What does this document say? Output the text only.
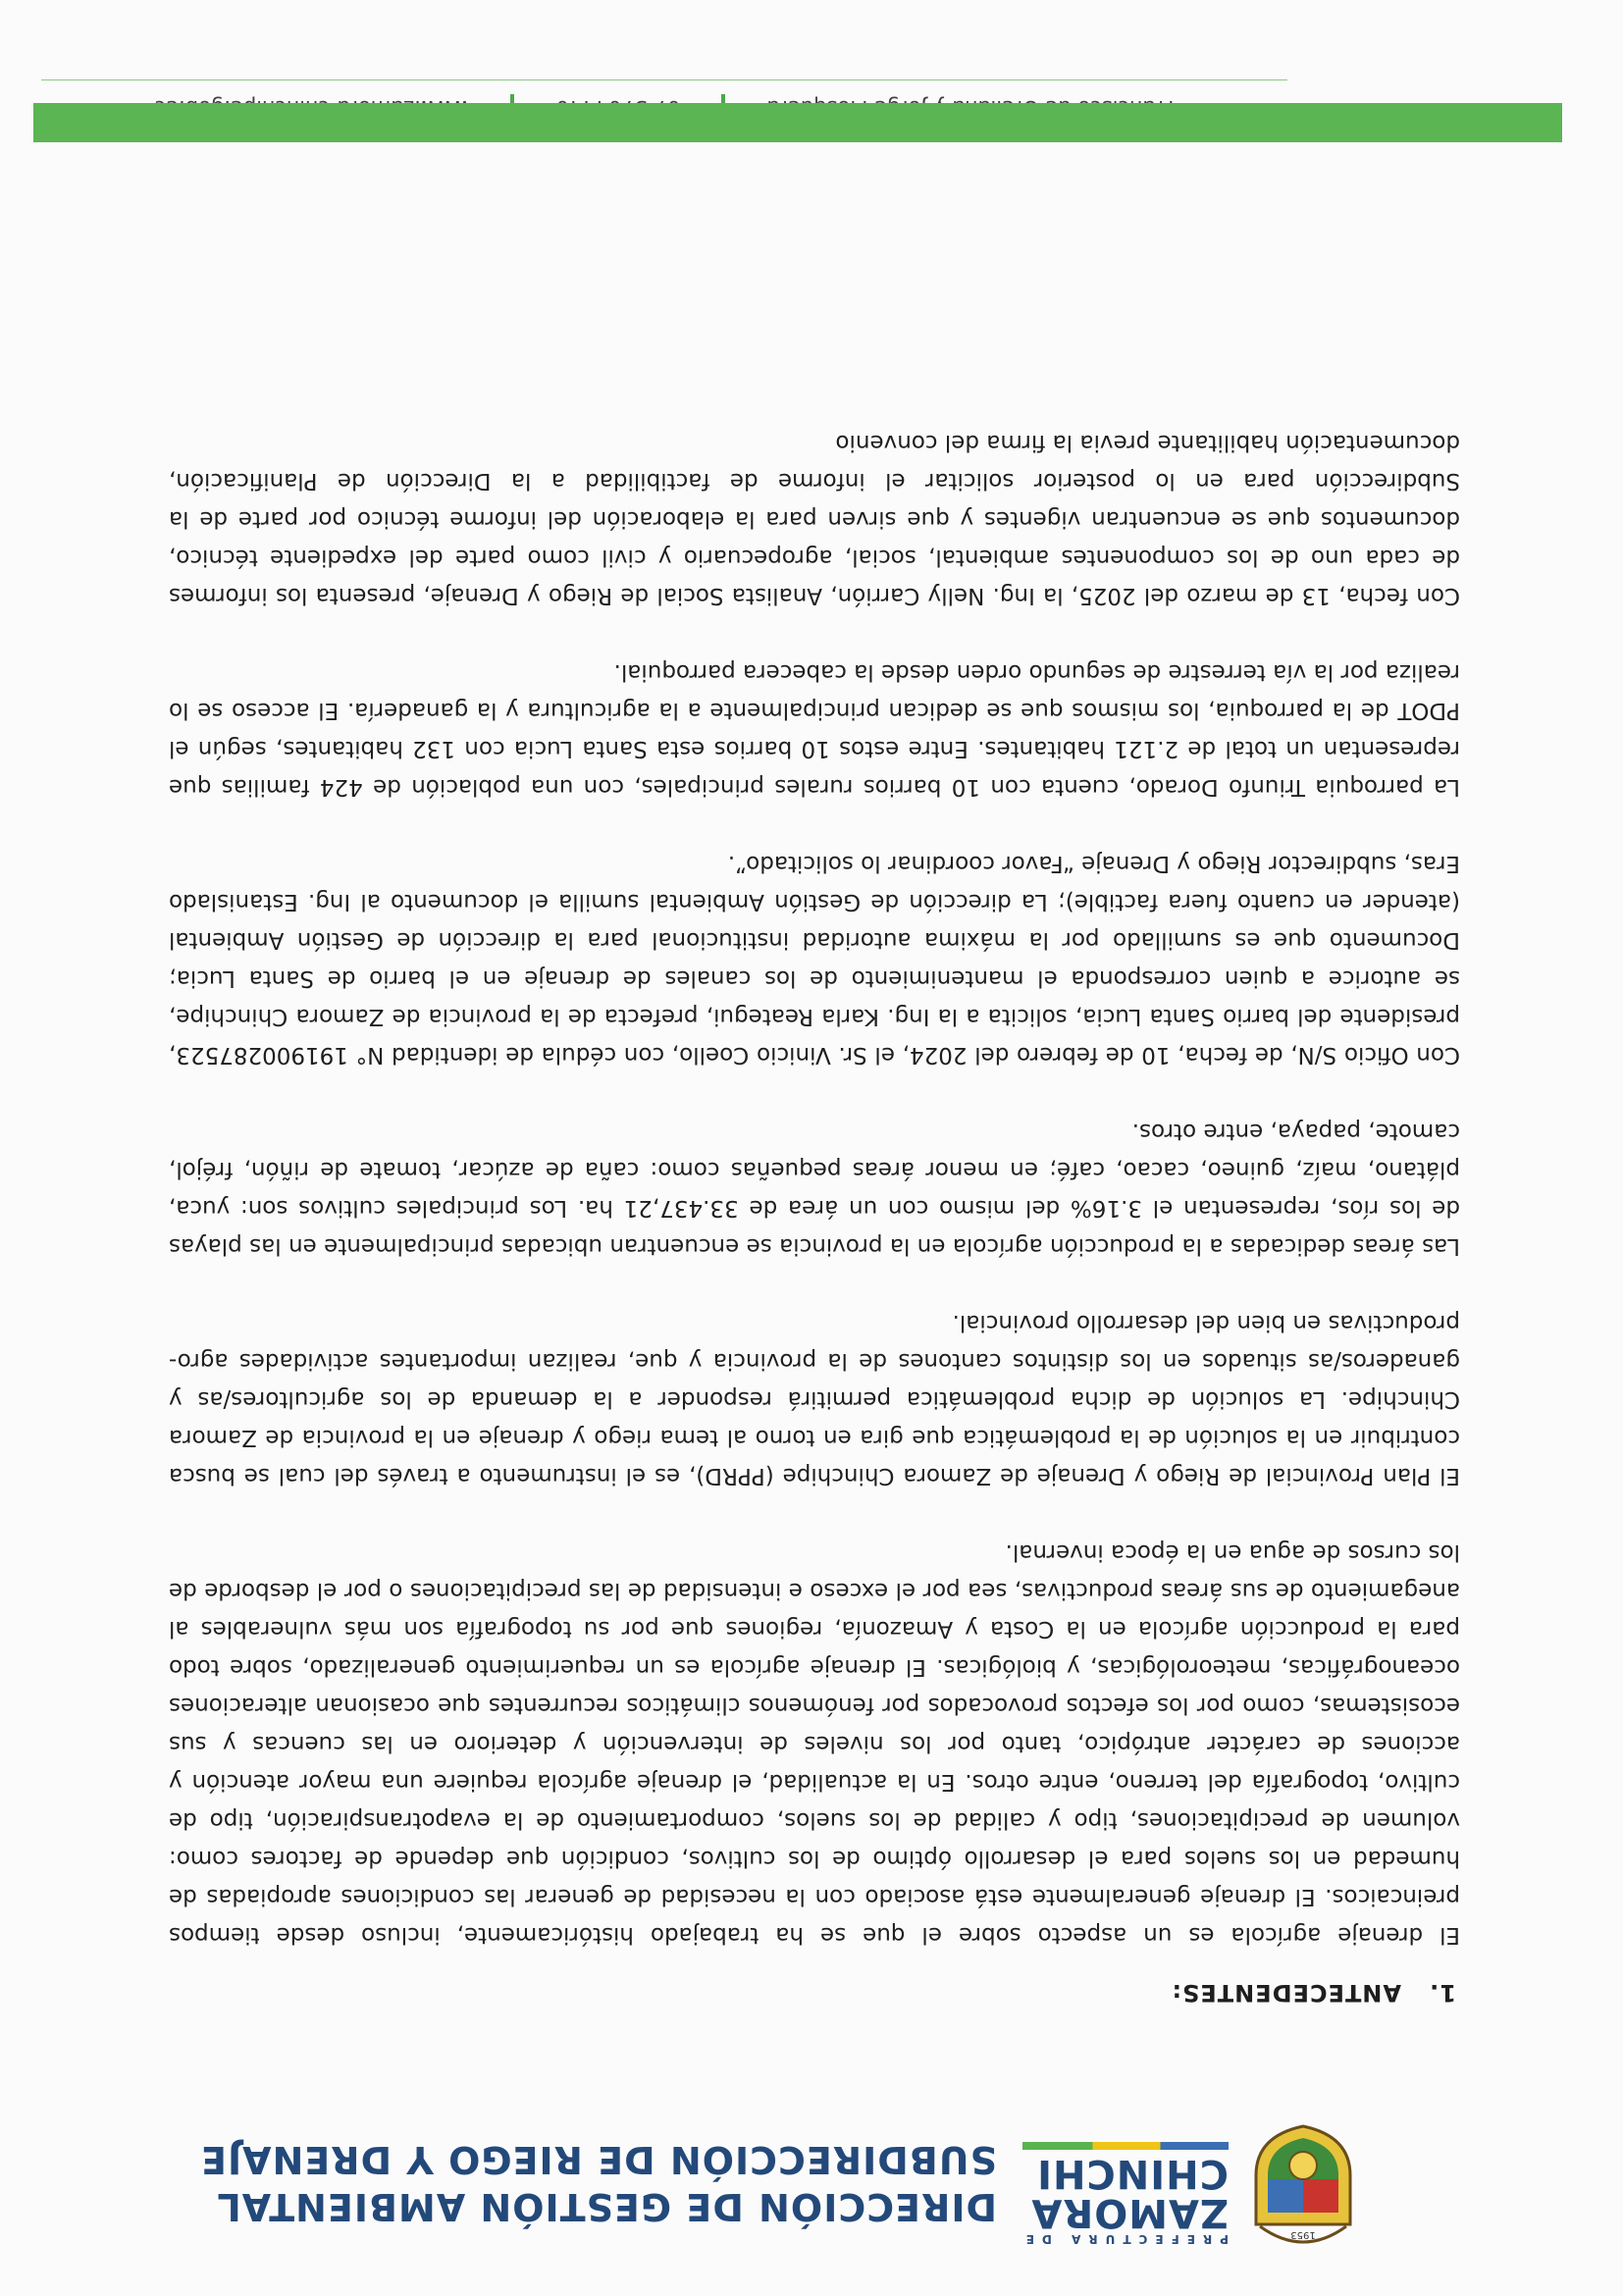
1953
PREFECTURA DE
ZAMORA
CHINCHI
DIRECCIÓN DE GESTIÓN AMBIENTAL
SUBDIRECCIÓN DE RIEGO Y DRENAJE
1.ANTECEDENTES:

El drenaje agrícola es un aspecto sobre el que se ha trabajado históricamente, incluso desde tiempos preincaicos. El drenaje generalmente está asociado con la necesidad de generar las condiciones apropiadas de humedad en los suelos para el desarrollo óptimo de los cultivos, condición que depende de factores como: volumen de precipitaciones, tipo y calidad de los suelos, comportamiento de la evapotranspiración, tipo de cultivo, topografía del terreno, entre otros. En la actualidad, el drenaje agrícola requiere una mayor atención y acciones de carácter antrópico, tanto por los niveles de intervención y deterioro en las cuencas y sus ecosistemas, como por los efectos provocados por fenómenos climáticos recurrentes que ocasionan alteraciones oceanográficas, meteorológicas, y biológicas. El drenaje agrícola es un requerimiento generalizado, sobre todo para la producción agrícola en la Costa y Amazonía, regiones que por su topografía son más vulnerables al anegamiento de sus áreas productivas, sea por el exceso e intensidad de las precipitaciones o por el desborde de los cursos de agua en la época invernal.

El Plan Provincial de Riego y Drenaje de Zamora Chinchipe (PPRD), es el instrumento a través del cual se busca contribuir en la solución de la problemática que gira en torno al tema riego y drenaje en la provincia de Zamora Chinchipe. La solución de dicha problemática permitirá responder a la demanda de los agricultores/as y ganaderos/as situados en los distintos cantones de la provincia y que, realizan importantes actividades agro-productivas en bien del desarrollo provincial.

Las áreas dedicadas a la producción agrícola en la provincia se encuentran ubicadas principalmente en las playas de los ríos, representan el 3.16% del mismo con un área de 33.437,21 ha. Los principales cultivos son: yuca, plátano, maíz, guineo, cacao, café; en menor áreas pequeñas como: caña de azúcar, tomate de riñón, fréjol, camote, papaya, entre otros.

Con Oficio S/N, de fecha, 10 de febrero del 2024, el Sr. Vinicio Coello, con cédula de identidad N° 191900287523, presidente del barrio Santa Lucia, solicita a la Ing. Karla Reategui, prefecta de la provincia de Zamora Chinchipe, se autorice a quien corresponda el mantenimiento de los canales de drenaje en el barrio de Santa Lucia; Documento que es sumillado por la máxima autoridad institucional para la dirección de Gestión Ambiental (atender en cuanto fuera factible); La dirección de Gestión Ambiental sumilla el documento al Ing. Estanislado Eras, subdirector Riego y Drenaje “Favor coordinar lo solicitado”.

La parroquia Triunfo Dorado, cuenta con 10 barrios rurales principales, con una población de 424 familias que representan un total de 2.121 habitantes. Entre estos 10 barrios esta Santa Lucia con 132 habitantes, según el PDOT de la parroquia, los mismos que se dedican principalmente a la agricultura y la ganadería. El acceso se lo realiza por la vía terrestre de segundo orden desde la cabecera parroquial.

Con fecha, 13 de marzo del 2025, la Ing. Nelly Carrión, Analista Social de Riego y Drenaje, presenta los informes de cada uno de los componentes ambiental, social, agropecuario y civil como parte del expediente técnico, documentos que se encuentran vigentes y que sirven para la elaboración del informe técnico por parte de la Subdirección para en lo posterior solicitar el informe de factibilidad a la Dirección de Planificación, documentación habilitante previa la firma del convenio
